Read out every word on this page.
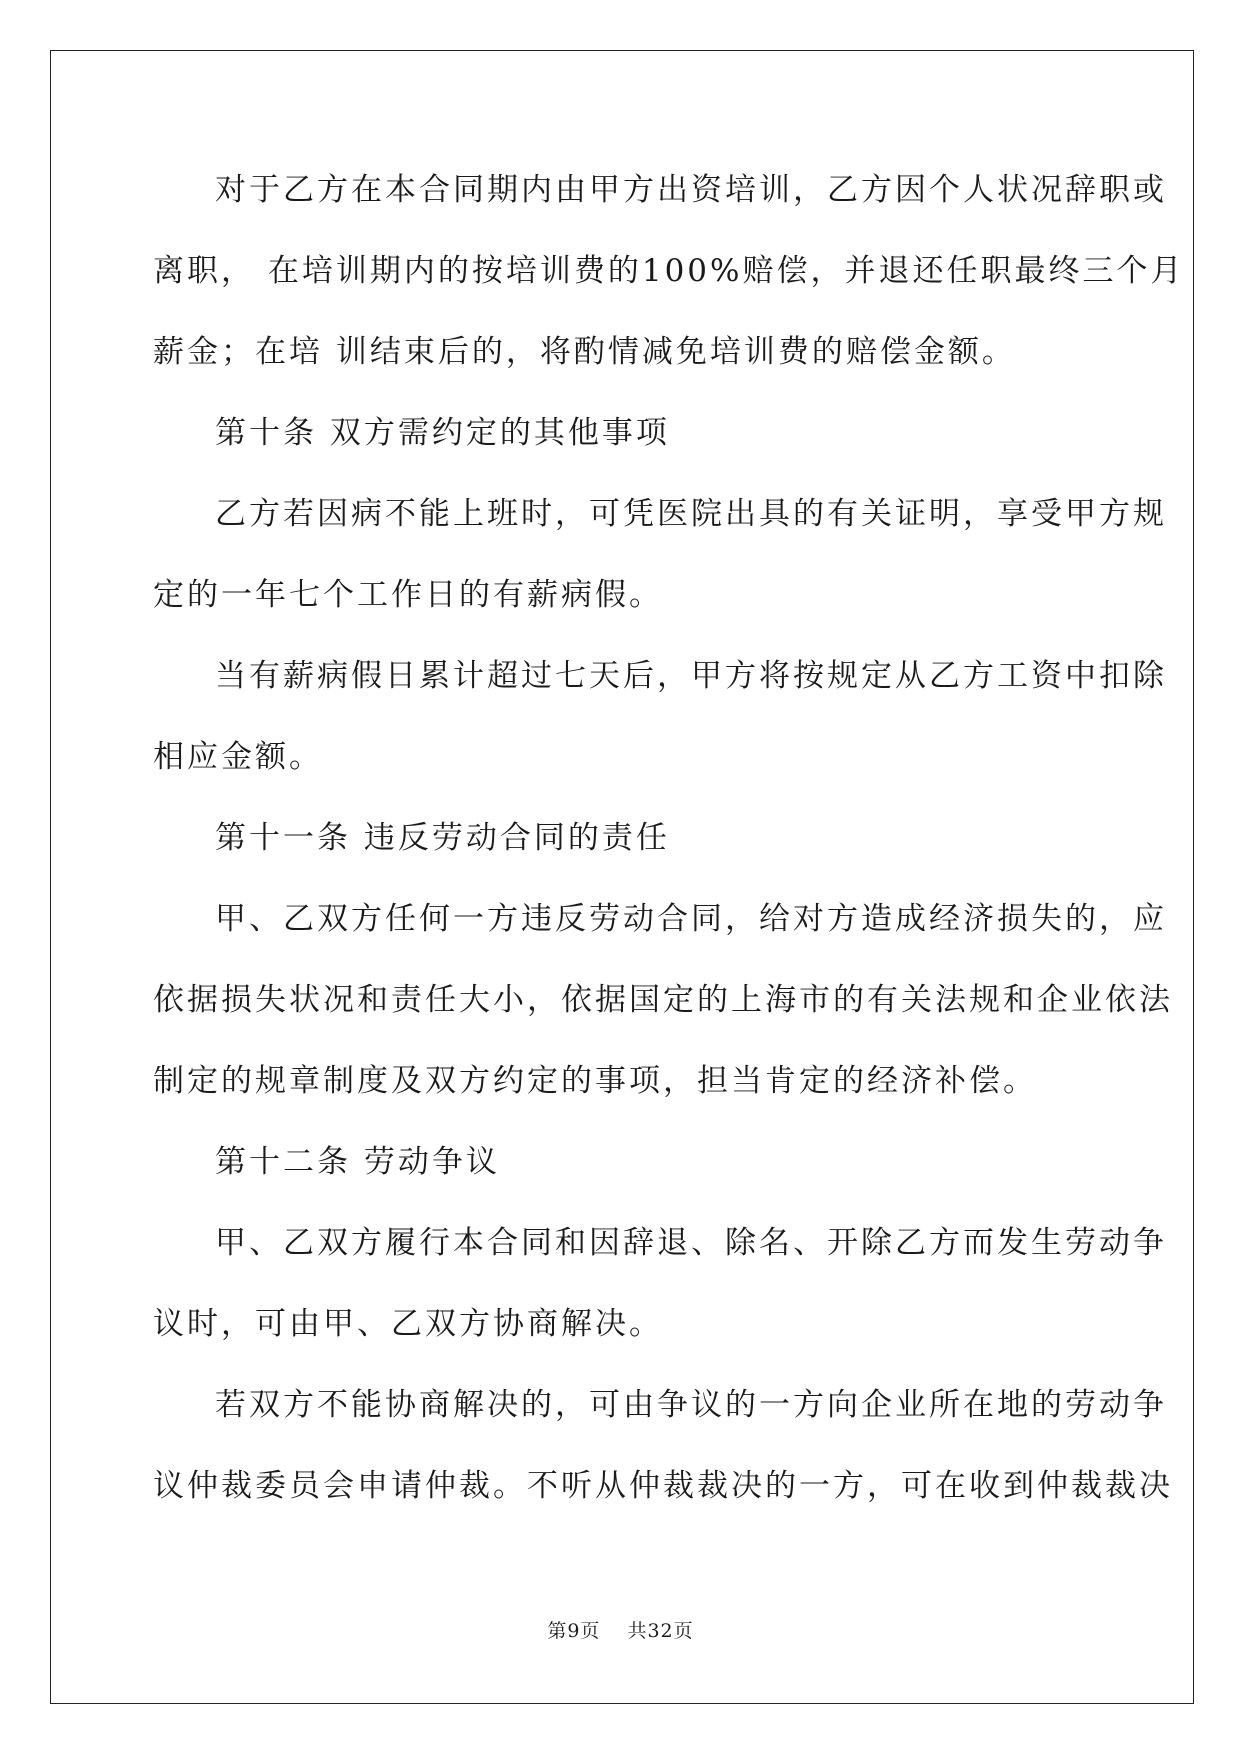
对于乙方在本合同期内由甲方出资培训，乙方因个人状况辞职或
离职， 在培训期内的按培训费的100%赔偿，并退还任职最终三个月
薪金；在培 训结束后的，将酌情减免培训费的赔偿金额。
第十条 双方需约定的其他事项
乙方若因病不能上班时，可凭医院出具的有关证明，享受甲方规
定的一年七个工作日的有薪病假。
当有薪病假日累计超过七天后，甲方将按规定从乙方工资中扣除
相应金额。
第十一条 违反劳动合同的责任
甲、乙双方任何一方违反劳动合同，给对方造成经济损失的，应
依据损失状况和责任大小，依据国定的上海市的有关法规和企业依法
制定的规章制度及双方约定的事项，担当肯定的经济补偿。
第十二条 劳动争议
甲、乙双方履行本合同和因辞退、除名、开除乙方而发生劳动争
议时，可由甲、乙双方协商解决。
若双方不能协商解决的，可由争议的一方向企业所在地的劳动争
议仲裁委员会申请仲裁。不听从仲裁裁决的一方，可在收到仲裁裁决
第9页 共32页
